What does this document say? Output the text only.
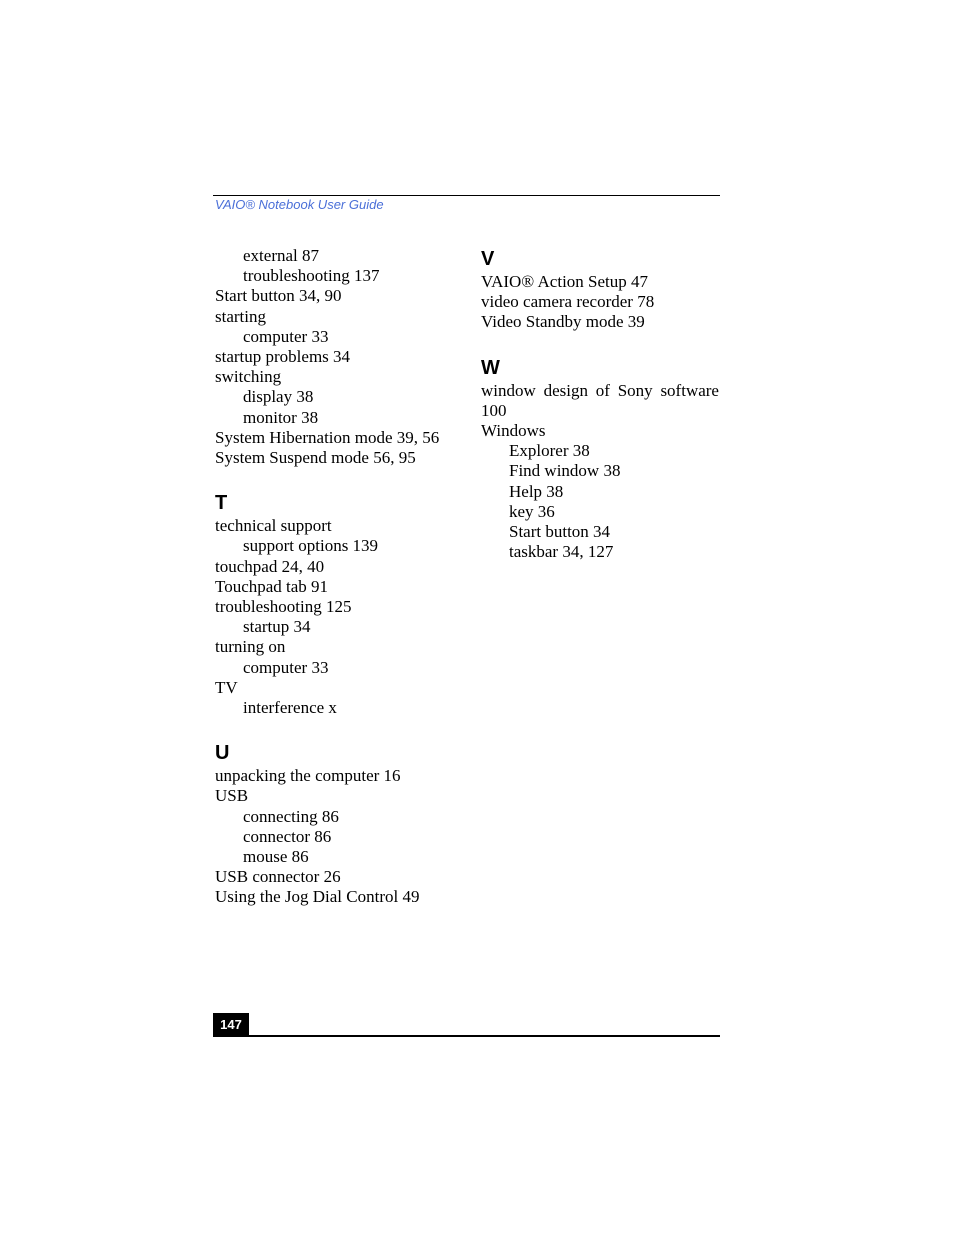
VAIO® Notebook User Guide
external 87
troubleshooting 137
Start button 34, 90
starting
computer 33
startup problems 34
switching
display 38
monitor 38
System Hibernation mode 39, 56
System Suspend mode 56, 95
T
technical support
support options 139
touchpad 24, 40
Touchpad tab 91
troubleshooting 125
startup 34
turning on
computer 33
TV
interference x
U
unpacking the computer 16
USB
connecting 86
connector 86
mouse 86
USB connector 26
Using the Jog Dial Control 49
V
VAIO® Action Setup 47
video camera recorder 78
Video Standby mode 39
W
window design of Sony software
100
Windows
Explorer 38
Find window 38
Help 38
key 36
Start button 34
taskbar 34, 127
147
